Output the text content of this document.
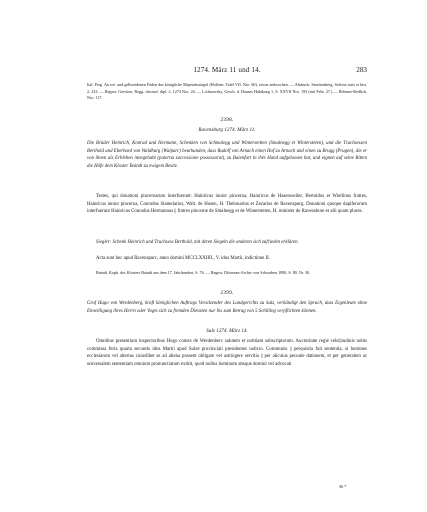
1274. März 11 und 14.	283
Ital. Perg. An rot- und gelbseidenen Fäden das königliche Majestätssiegel (Hoffner, Tafel VII. Nro. 60), etwas zerbrochen. — Abdruck: Senckenberg, Selecta iuris et hist. 2, 233. — Regest: Gercken, Regg. chronol. dipl. 2, 1274 Nro. 24. — Lichnowsky, Gesch. d. Hauses Habsburg 1, S. XXVII Nro. 193 (mit Febr. 27.) — Böhmer-Redlich, Nro. 117.
2398.
Ravensburg 1274. März 11.
Die Brüder Heinrich, Konrad und Hermann, Schenken von Schmalegg und Winterstetten (Smalnegg et Wintersteten), und die Truchsessen Berthold und Eberhard von Waldburg (Walpurc) beurkunden, dass Rudolf von Arnach einen Hof zu Arnach und einen zu Brugg (Prugen), die er von ihnen als Erblehen innegehabt (paterna successione possessorat), zu Baienfurt in ihre Hand aufgelassen hat, und eignen auf seine Bitten die Höfe dem Kloster Baindt zu ewigem Besitz.
Testes, qui donationi pincernarum interfuerunt: Hainricus iunior pincerna, Hainricus de Hasenweiler, Bertoldus et Wiellinus fratres, Hainricus iunior pincerna, Conradus Stamelarius, Walt. de Husen, H. Thelonarius et Zezarius de Ravenspurg. Donationi quoque dapiferorum interfuerunt Hainricus Conradus Hermannus || fratres pincerne de Smalnegg et de Wintersteten, H. minister de Ravensbure et alii quam plures.
Siegler: Schenk Heinrich und Truchsess Berthold, mit deren Siegeln die anderen sich zufrieden erklären.
Acta sunt hec apud Ravenspurc, anno domini MCCLXXIIII., V. idus Martii, indictione II.
Baindt. Kopb. des Klosters Baindt aus dem 17. Jahrhundert, S. 76. — Regest: Diözesan-Archiv von Schwaben 1890, S. 80, Nr. 30.
2399.
Graf Hugo von Werdenberg, kraft königlichen Auftrags Vorsitzender des Landgerichts zu Sulz, verkündigt den Spruch, dass Eigenleute ohne Einwilligung ihres Herrn oder Vogts sich zu fremden Diensten nur bis zum Betrag von 5 Schilling verpflichten können.
Sulz 1274. März 14.
Omnibus presentium inspectoribus Hugo comes de Werdenberc salutem et notitiam subscriptorum. Auctoritate regie celsi||tudinis nobis commissa feria quarta secundo idus Martii apud Sulze provinciali presidentes iudicio. Communis || perquisita fuit sententia, si homines ecclesiarum vel alterius cuiuslibet se ad aliena possent obligare vel astringere servitia || per alicuius pecunie dationem, et per generalem ac universalem sententiam omnium pronunctiatum extitit, quod nullus hominum absque domini vel advocati
36 *
